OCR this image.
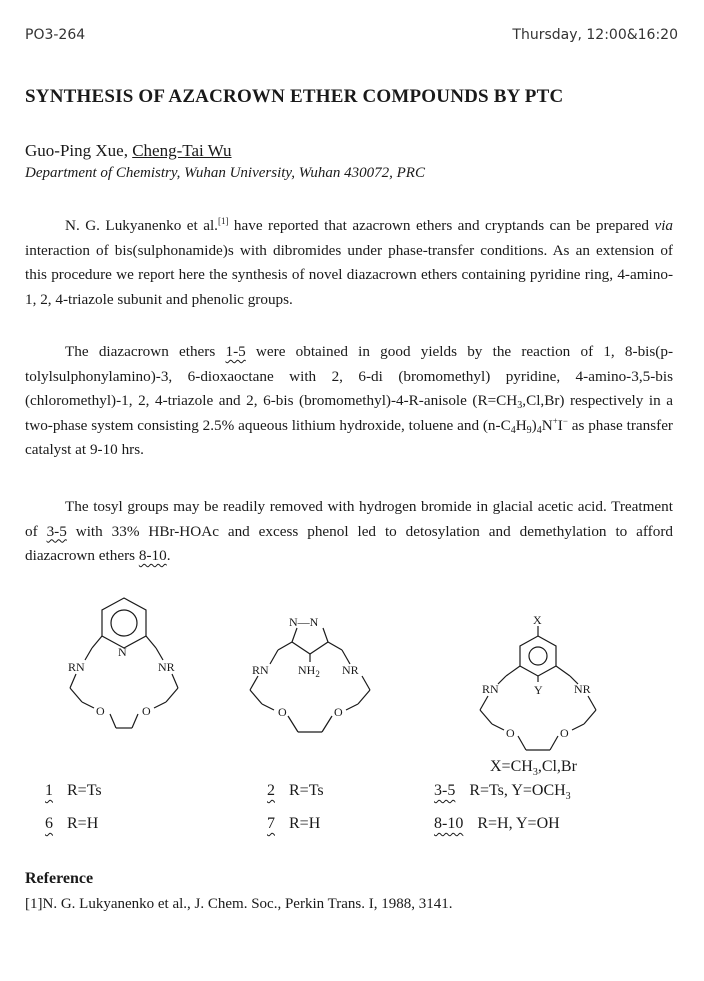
PO3-264	Thursday, 12:00&16:20
SYNTHESIS OF AZACROWN ETHER COMPOUNDS BY PTC
Guo-Ping Xue, Cheng-Tai Wu
Department of Chemistry, Wuhan University, Wuhan 430072, PRC

N. G. Lukyanenko et al.[1] have reported that azacrown ethers and cryptands can be prepared via interaction of bis(sulphonamide)s with dibromides under phase-transfer conditions. As an extension of this procedure we report here the synthesis of novel diazacrown ethers containing pyridine ring, 4-amino-1, 2, 4-triazole subunit and phenolic groups.

The diazacrown ethers 1-5 were obtained in good yields by the reaction of 1, 8-bis(p-tolylsulphonylamino)-3, 6-dioxaoctane with 2, 6-di (bromomethyl) pyridine, 4-amino-3,5-bis (chloromethyl)-1, 2, 4-triazole and 2, 6-bis (bromomethyl)-4-R-anisole $(R=CH_3,Cl,Br)$ respectively in a two-phase system consisting 2.5% aqueous lithium hydroxide, toluene and $(n-C_4H_9)_4N^+I^-$ as phase transfer catalyst at 9-10 hrs.

The tosyl groups may be readily removed with hydrogen bromide in glacial acetic acid. Treatment of 3-5 with 33% HBr-HOAc and excess phenol led to detosylation and demethylation to afford diazacrown ethers 8-10.

N
RN	NR
O	O
N—N
$NH_2$
RN	NR
O	O
X
Y
RN	NR
O	O
$X=CH_3,Cl,Br$
1 R=Ts
6 R=H
2 R=Ts
7 R=H
3-5 R=Ts, $Y=OCH_3$
8-10 R=H, Y=OH
Reference
[1]N. G. Lukyanenko et al., J. Chem. Soc., Perkin Trans. I, 1988, 3141.
